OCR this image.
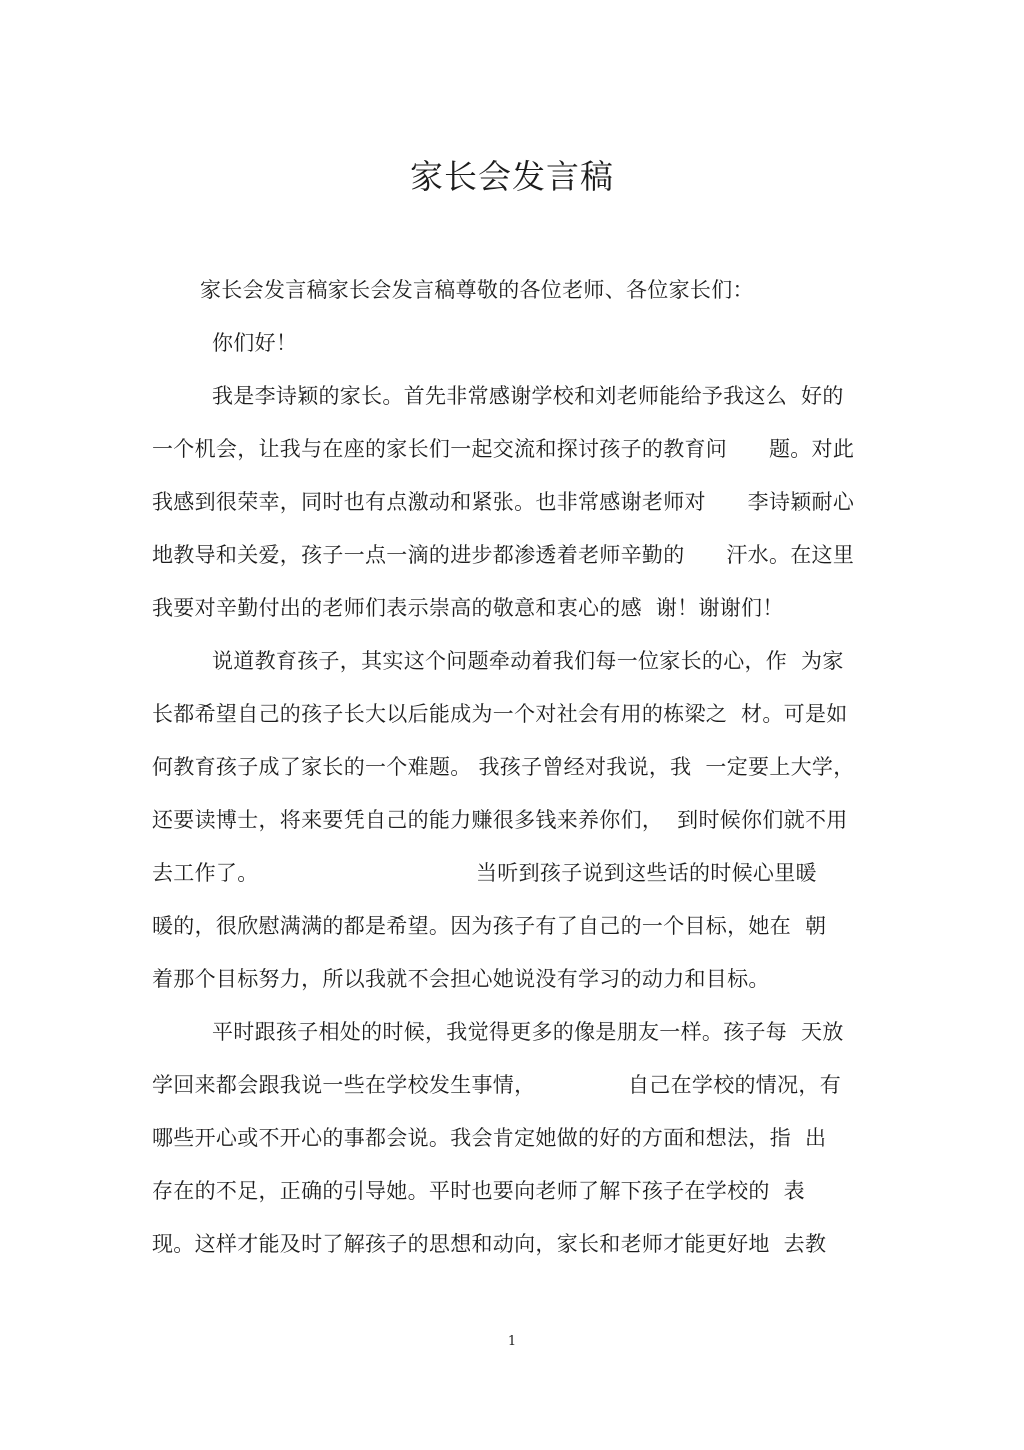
家长会发言稿
家长会发言稿家长会发言稿尊敬的各位老师、各位家长们：
你们好！
我是李诗颖的家长。首先非常感谢学校和刘老师能给予我这么  好的
一个机会，让我与在座的家长们一起交流和探讨孩子的教育问      题。对此
我感到很荣幸，同时也有点激动和紧张。也非常感谢老师对      李诗颖耐心
地教导和关爱，孩子一点一滴的进步都渗透着老师辛勤的      汗水。在这里
我要对辛勤付出的老师们表示崇高的敬意和衷心的感  谢！谢谢们！
说道教育孩子，其实这个问题牵动着我们每一位家长的心，作  为家
长都希望自己的孩子长大以后能成为一个对社会有用的栋梁之  材。可是如
何教育孩子成了家长的一个难题。 我孩子曾经对我说，我  一定要上大学，
还要读博士，将来要凭自己的能力赚很多钱来养你们，  到时候你们就不用
去工作了。	当听到孩子说到这些话的时候心里暖
暖的，很欣慰满满的都是希望。因为孩子有了自己的一个目标，她在  朝
着那个目标努力，所以我就不会担心她说没有学习的动力和目标。
平时跟孩子相处的时候，我觉得更多的像是朋友一样。孩子每  天放
学回来都会跟我说一些在学校发生事情，	自己在学校的情况，有
哪些开心或不开心的事都会说。我会肯定她做的好的方面和想法，指  出
存在的不足，正确的引导她。平时也要向老师了解下孩子在学校的  表
现。这样才能及时了解孩子的思想和动向，家长和老师才能更好地  去教
1
